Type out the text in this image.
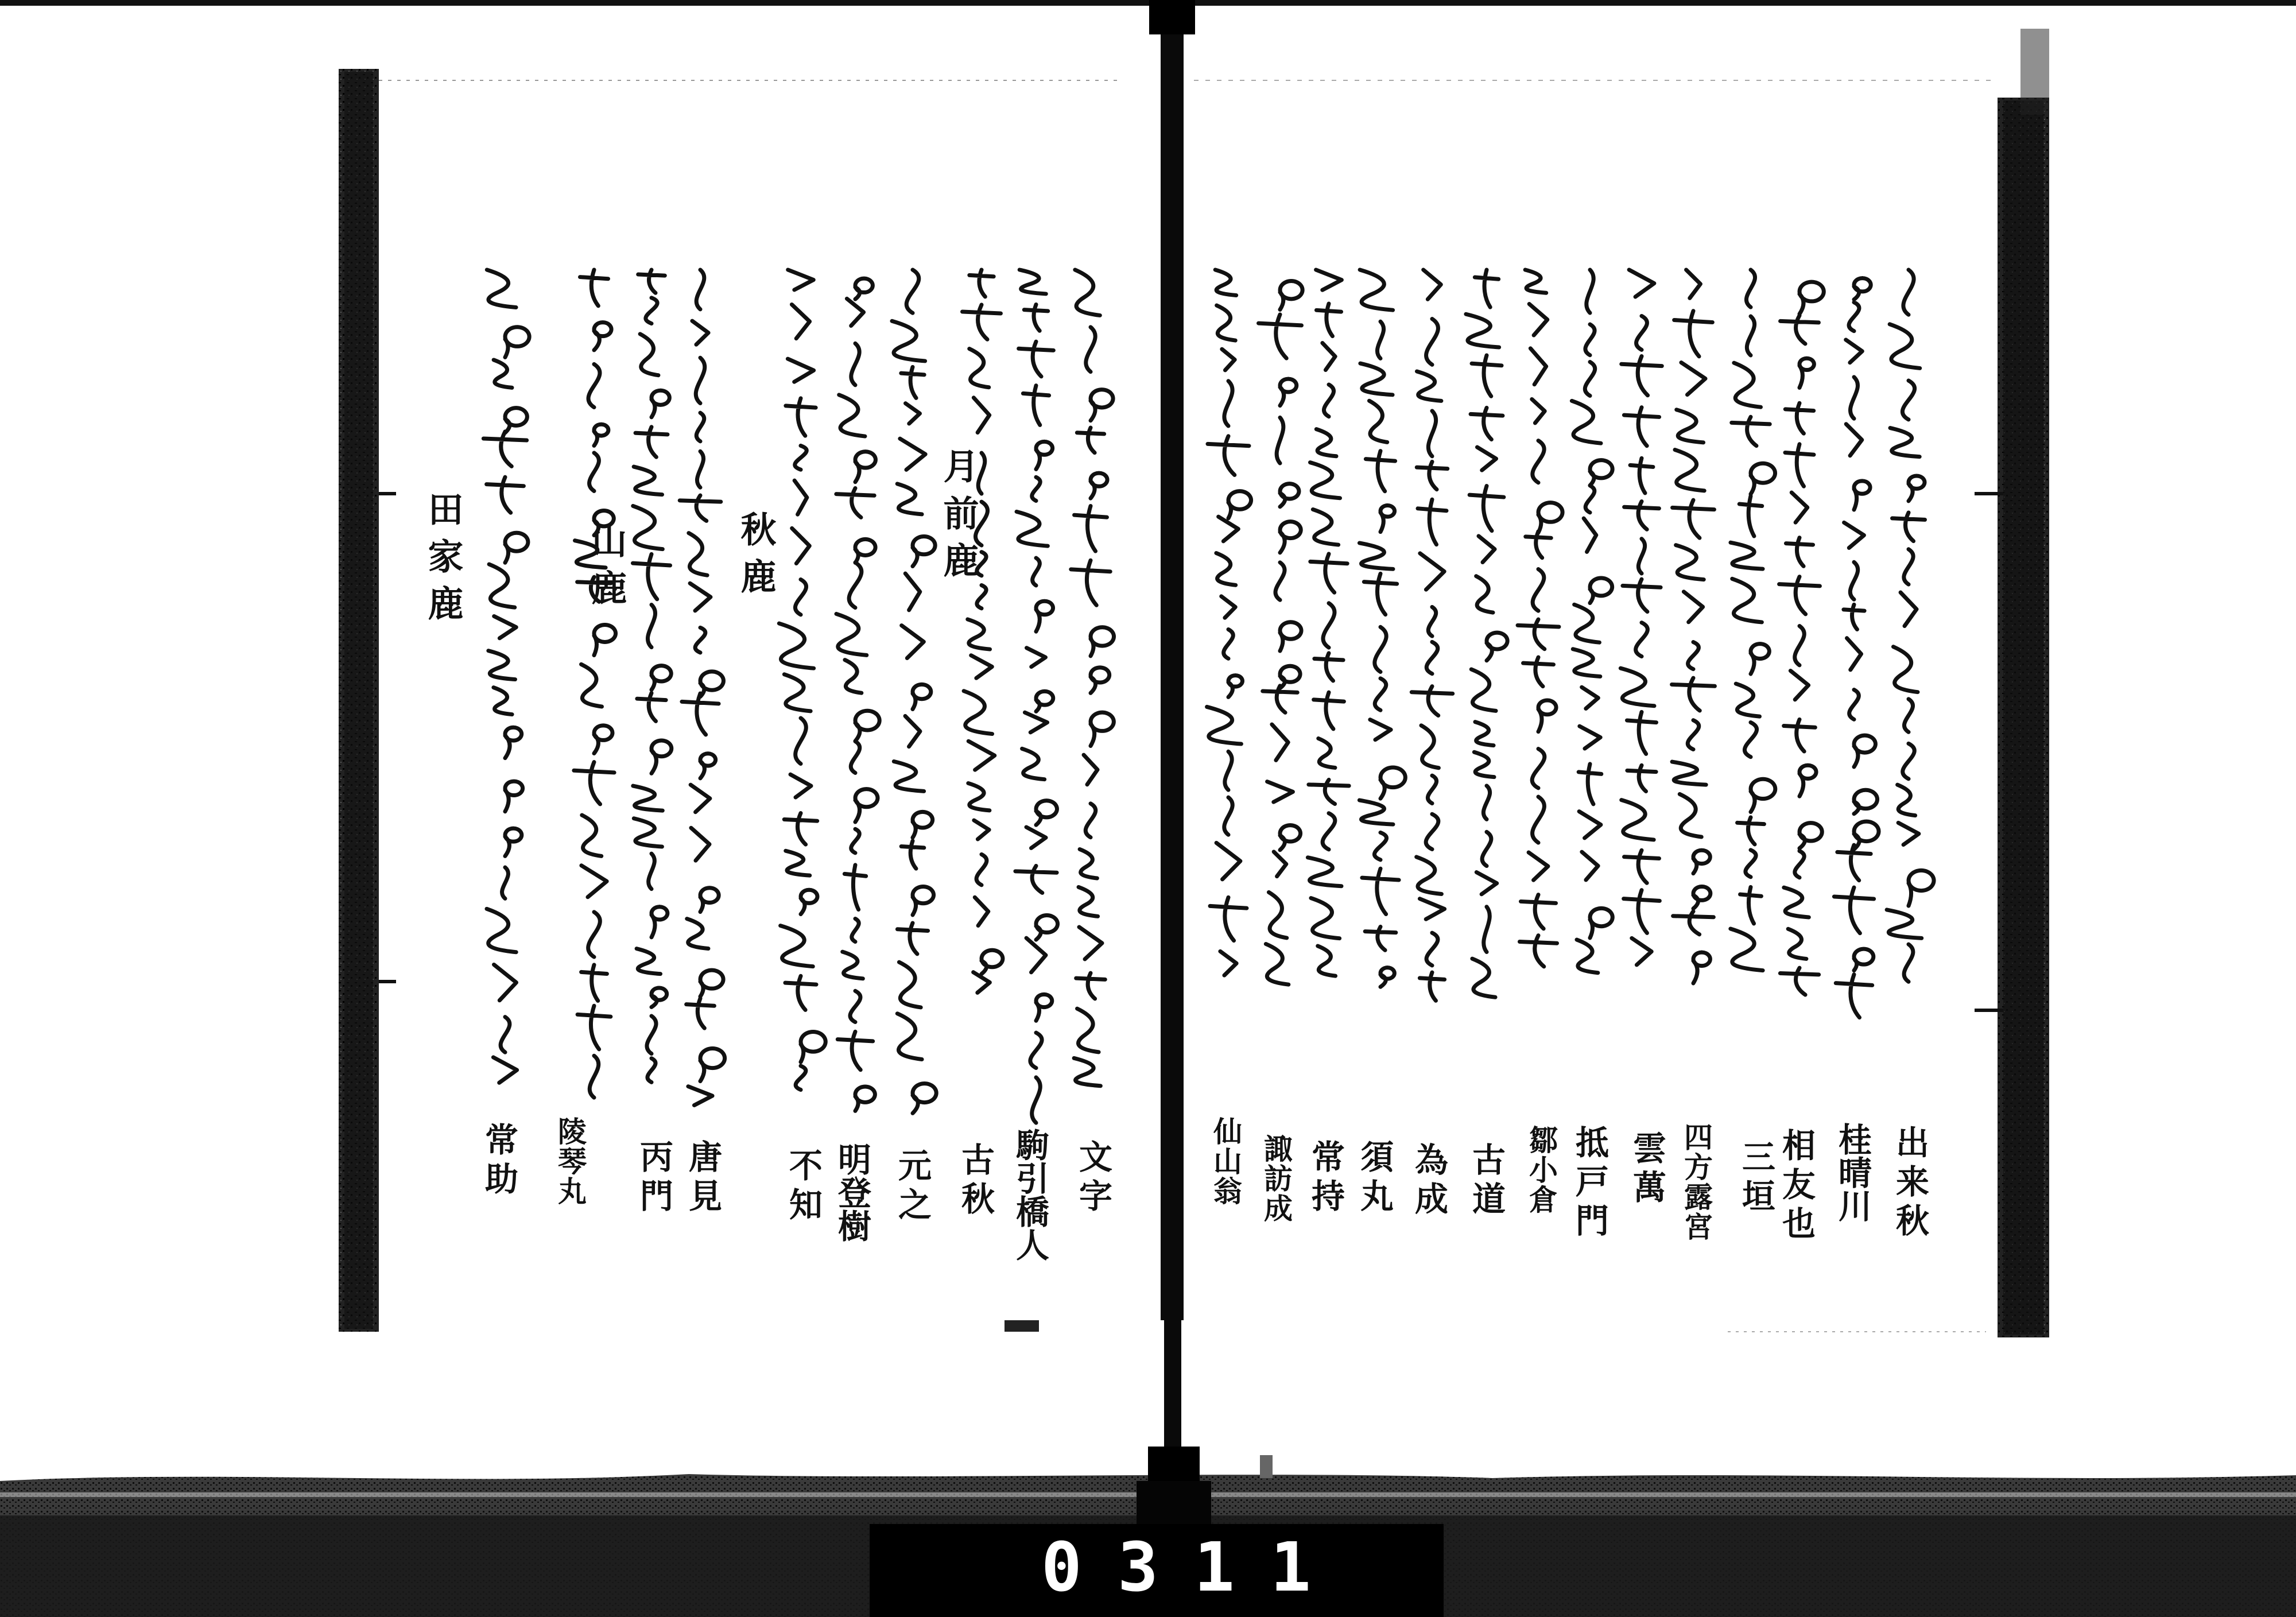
月前鹿
秋鹿
山鹿
田家鹿
文字
駒引橋人
古秋
元之
明登樹
不知
唐見
丙門
陵琴丸
常助	出来秋
桂晴川
相友也
三垣
四方露宮
雲萬
抵戸門
鄒小倉
古道
為成
須丸
常持
諏訪成
仙山翁
0311
